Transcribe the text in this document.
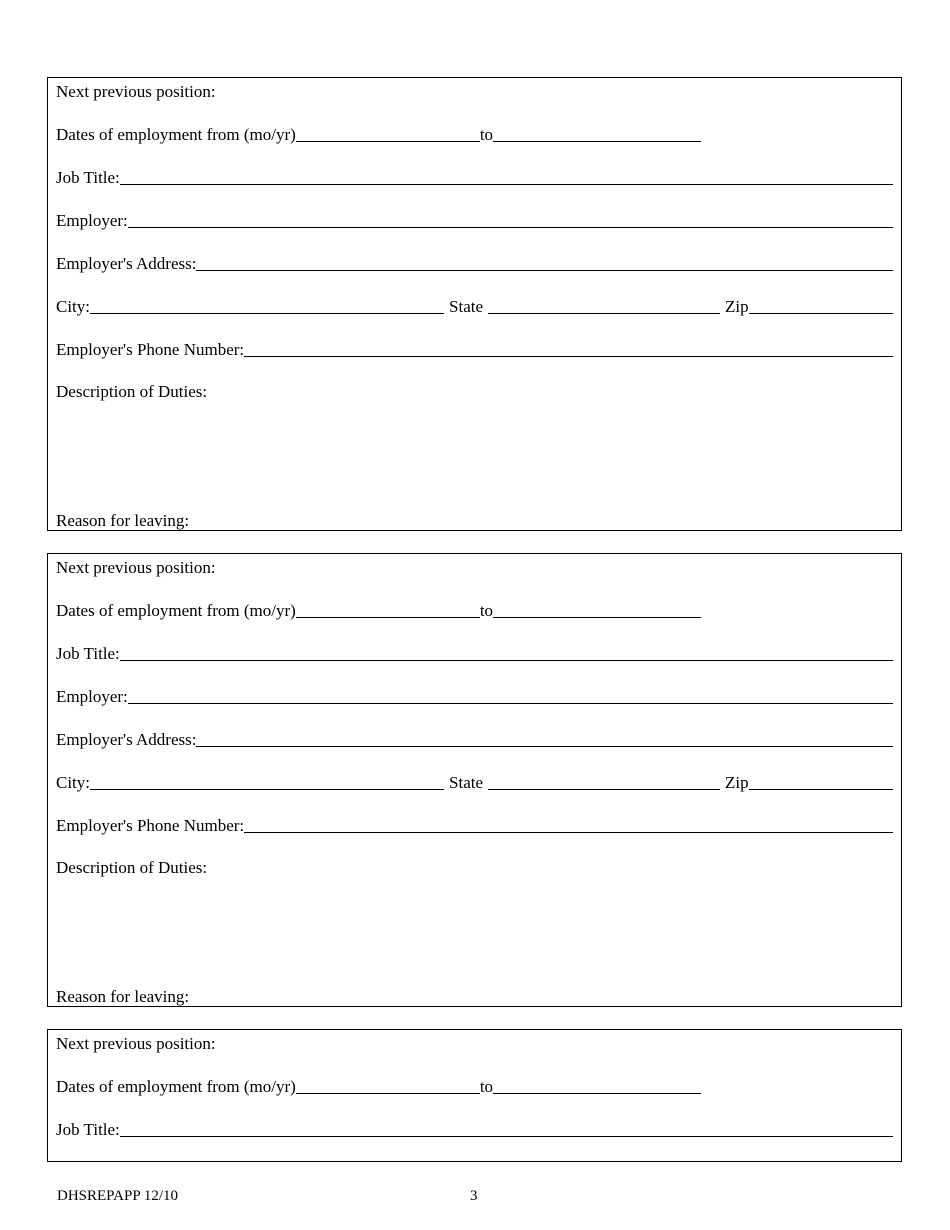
Next previous position:
Dates of employment from (mo/yr)	to
Job Title:
Employer:
Employer's Address:
City:	State	Zip
Employer's Phone Number:
Description of Duties:
Reason for leaving:
Next previous position:
Dates of employment from (mo/yr)	to
Job Title:
Employer:
Employer's Address:
City:	State	Zip
Employer's Phone Number:
Description of Duties:
Reason for leaving:
Next previous position:
Dates of employment from (mo/yr)	to
Job Title:
DHSREPAPP 12/10	3
